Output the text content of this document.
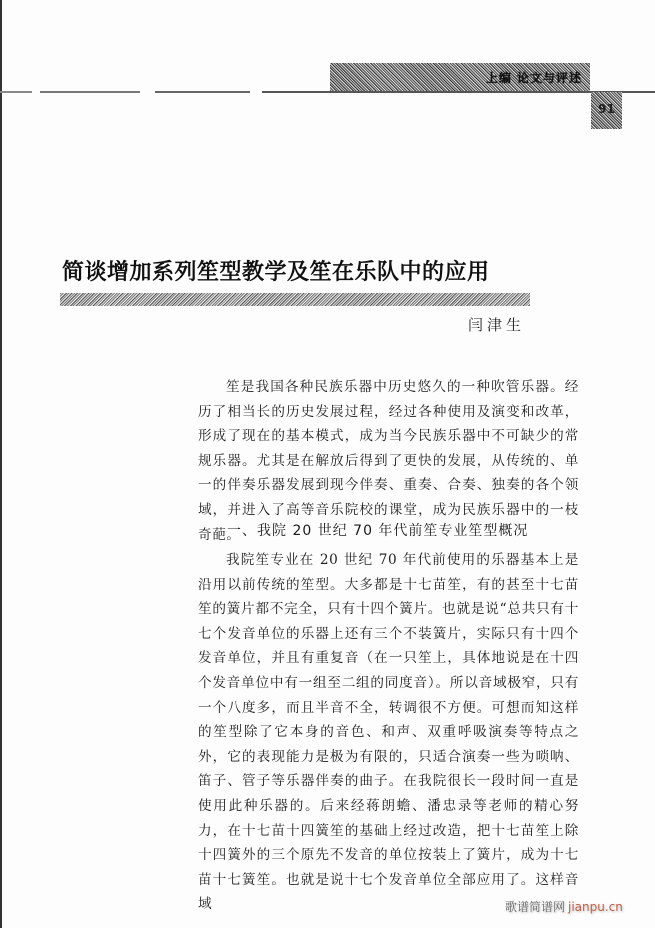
上编 论文与评述
91
简谈增加系列笙型教学及笙在乐队中的应用
闫津生

笙是我国各种民族乐器中历史悠久的一种吹管乐器。经历了相当长的历史发展过程，经过各种使用及演变和改革，形成了现在的基本模式，成为当今民族乐器中不可缺少的常规乐器。尤其是在解放后得到了更快的发展，从传统的、单一的伴奏乐器发展到现今伴奏、重奏、合奏、独奏的各个领域，并进入了高等音乐院校的课堂，成为民族乐器中的一枝奇葩。

一、我院 20 世纪 70 年代前笙专业笙型概况

我院笙专业在 20 世纪 70 年代前使用的乐器基本上是沿用以前传统的笙型。大多都是十七苗笙，有的甚至十七苗笙的簧片都不完全，只有十四个簧片。也就是说“总共只有十七个发音单位的乐器上还有三个不装簧片，实际只有十四个发音单位，并且有重复音（在一只笙上，具体地说是在十四个发音单位中有一组至二组的同度音）。所以音域极窄，只有一个八度多，而且半音不全，转调很不方便。可想而知这样的笙型除了它本身的音色、和声、双重呼吸演奏等特点之外，它的表现能力是极为有限的，只适合演奏一些为唢呐、笛子、管子等乐器伴奏的曲子。在我院很长一段时间一直是使用此种乐器的。后来经蒋朗蟾、潘忠录等老师的精心努力，在十七苗十四簧笙的基础上经过改造，把十七苗笙上除十四簧外的三个原先不发音的单位按装上了簧片，成为十七苗十七簧笙。也就是说十七个发音单位全部应用了。这样音域	歌谱简谱网 jianpu.cn
